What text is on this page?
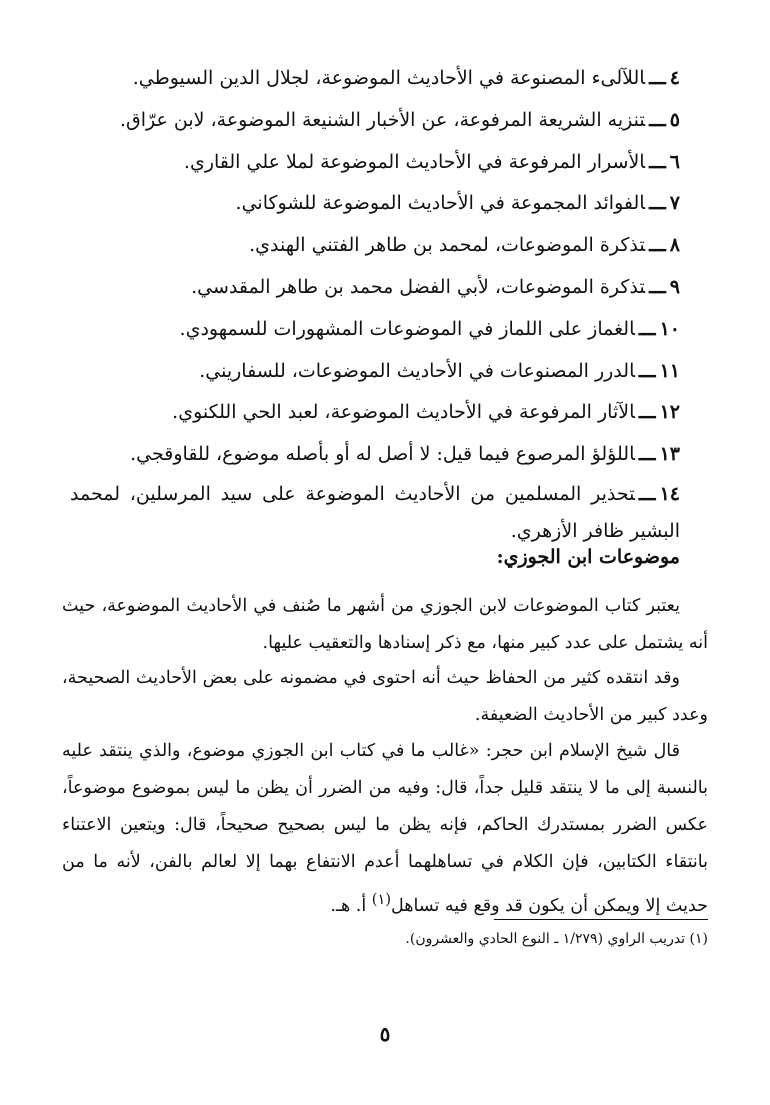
٤ـــاللآلىء المصنوعة في الأحاديث الموضوعة، لجلال الدين السيوطي.
٥ـــتنزيه الشريعة المرفوعة، عن الأخبار الشنيعة الموضوعة، لابن عرّاق.
٦ـــالأسرار المرفوعة في الأحاديث الموضوعة لملا علي القاري.
٧ـــالفوائد المجموعة في الأحاديث الموضوعة للشوكاني.
٨ـــتذكرة الموضوعات، لمحمد بن طاهر الفتني الهندي.
٩ـــتذكرة الموضوعات، لأبي الفضل محمد بن طاهر المقدسي.
١٠ـــالغماز على اللماز في الموضوعات المشهورات للسمهودي.
١١ـــالدرر المصنوعات في الأحاديث الموضوعات، للسفاريني.
١٢ـــالآثار المرفوعة في الأحاديث الموضوعة، لعبد الحي اللكنوي.
١٣ـــاللؤلؤ المرصوع فيما قيل: لا أصل له أو بأصله موضوع، للقاوقجي.
١٤ـــتحذير المسلمين من الأحاديث الموضوعة على سيد المرسلين، لمحمد البشير ظافر الأزهري.
موضوعات ابن الجوزي:
يعتبر كتاب الموضوعات لابن الجوزي من أشهر ما صُنف في الأحاديث الموضوعة، حيث أنه يشتمل على عدد كبير منها، مع ذكر إسنادها والتعقيب عليها.
وقد انتقده كثير من الحفاظ حيث أنه احتوى في مضمونه على بعض الأحاديث الصحيحة، وعدد كبير من الأحاديث الضعيفة.
قال شيخ الإسلام ابن حجر: «غالب ما في كتاب ابن الجوزي موضوع، والذي ينتقد عليه بالنسبة إلى ما لا ينتقد قليل جداً، قال: وفيه من الضرر أن يظن ما ليس بموضوع موضوعاً، عكس الضرر بمستدرك الحاكم، فإنه يظن ما ليس بصحيح صحيحاً، قال: ويتعين الاعتناء بانتقاء الكتابين، فإن الكلام في تساهلهما أعدم الانتفاع بهما إلا لعالم بالفن، لأنه ما من حديث إلا ويمكن أن يكون قد وقع فيه تساهل$^{(١)}$ أ. هـ.
(١) تدريب الراوي (١/٢٧٩ ـ النوع الحادي والعشرون).
٥
